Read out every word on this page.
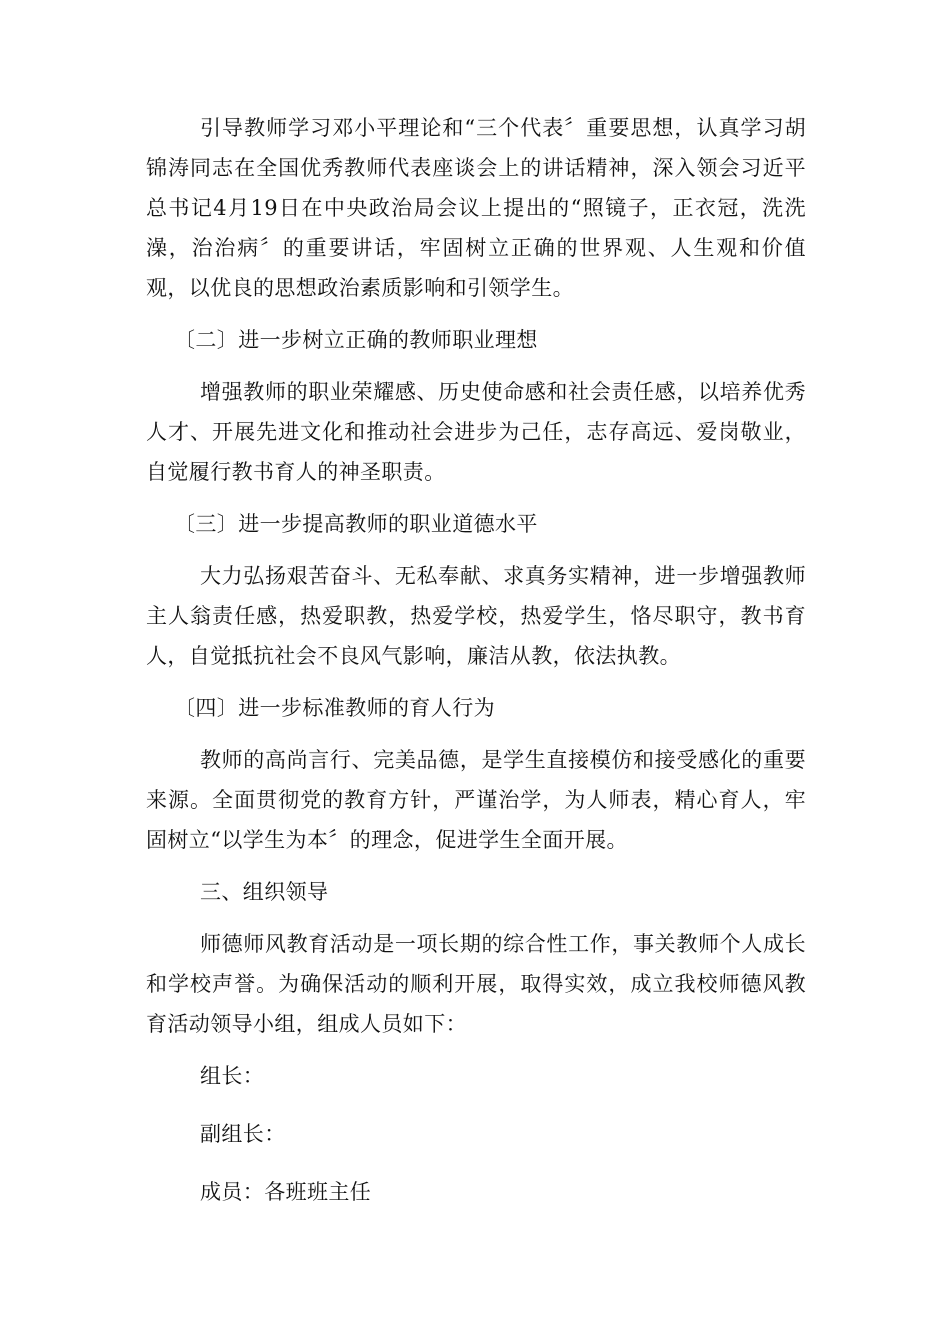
引导教师学习邓小平理论和“三个代表〞重要思想，认真学习胡锦涛同志在全国优秀教师代表座谈会上的讲话精神，深入领会习近平总书记4月19日在中央政治局会议上提出的“照镜子，正衣冠，洗洗澡，治治病〞的重要讲话，牢固树立正确的世界观、人生观和价值观，以优良的思想政治素质影响和引领学生。

〔二〕进一步树立正确的教师职业理想

增强教师的职业荣耀感、历史使命感和社会责任感，以培养优秀人才、开展先进文化和推动社会进步为己任，志存高远、爱岗敬业，自觉履行教书育人的神圣职责。

〔三〕进一步提高教师的职业道德水平

大力弘扬艰苦奋斗、无私奉献、求真务实精神，进一步增强教师主人翁责任感，热爱职教，热爱学校，热爱学生，恪尽职守，教书育人，自觉抵抗社会不良风气影响，廉洁从教，依法执教。

〔四〕进一步标准教师的育人行为

教师的高尚言行、完美品德，是学生直接模仿和接受感化的重要来源。全面贯彻党的教育方针，严谨治学，为人师表，精心育人，牢固树立“以学生为本〞的理念，促进学生全面开展。

三、组织领导

师德师风教育活动是一项长期的综合性工作，事关教师个人成长和学校声誉。为确保活动的顺利开展，取得实效，成立我校师德风教育活动领导小组，组成人员如下：

组长：

副组长：

成员：各班班主任
